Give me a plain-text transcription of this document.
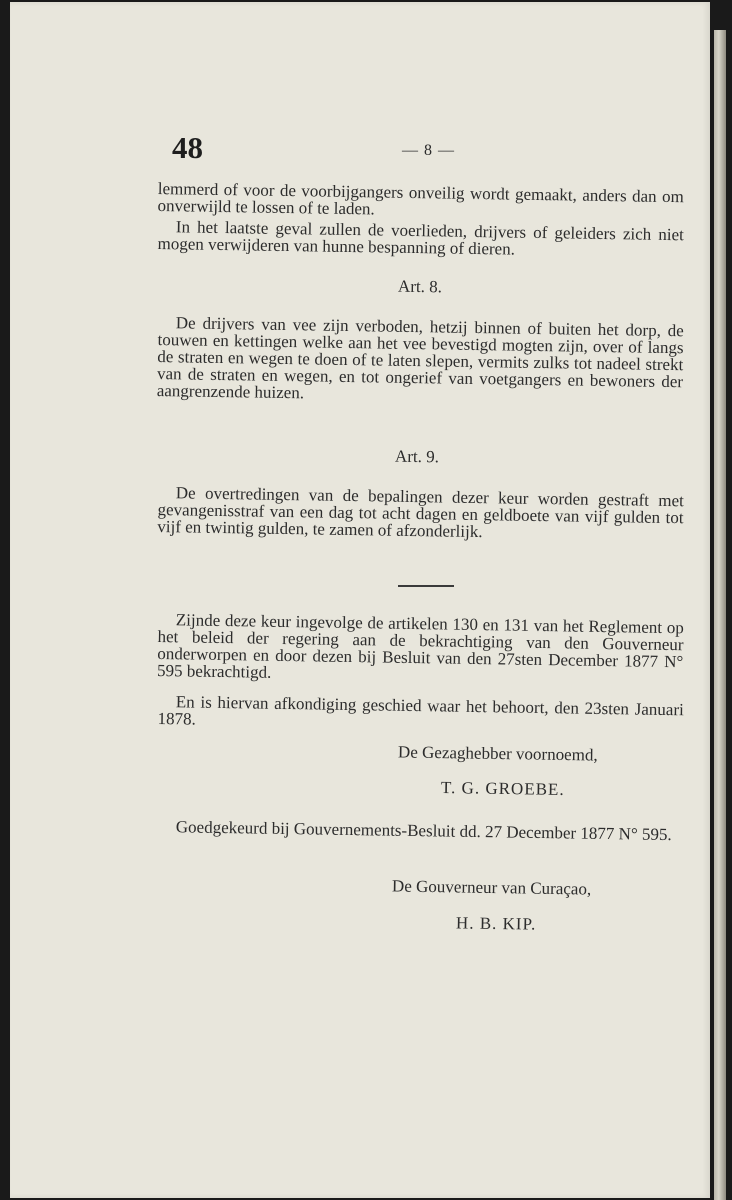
48	— 8 —
lemmerd of voor de voorbijgangers onveilig wordt gemaakt, anders dan om onverwijld te lossen of te laden.
In het laatste geval zullen de voerlieden, drijvers of geleiders zich niet mogen verwijderen van hunne bespanning of dieren.
Art. 8.
De drijvers van vee zijn verboden, hetzij binnen of buiten het dorp, de touwen en kettingen welke aan het vee bevestigd mogten zijn, over of langs de straten en wegen te doen of te laten slepen, vermits zulks tot nadeel strekt van de straten en wegen, en tot ongerief van voetgangers en bewoners der aangrenzende huizen.
Art. 9.
De overtredingen van de bepalingen dezer keur worden gestraft met gevangenisstraf van een dag tot acht dagen en geldboete van vijf gulden tot vijf en twintig gulden, te zamen of afzonderlijk.
Zijnde deze keur ingevolge de artikelen 130 en 131 van het Reglement op het beleid der regering aan de bekrachtiging van den Gouverneur onderworpen en door dezen bij Besluit van den 27sten December 1877 N° 595 bekrachtigd.
En is hiervan afkondiging geschied waar het behoort, den 23sten Januari 1878.
De Gezaghebber voornoemd,
T. G. GROEBE.
Goedgekeurd bij Gouvernements-Besluit dd. 27 December 1877 N° 595.
De Gouverneur van Curaçao,
H. B. KIP.
